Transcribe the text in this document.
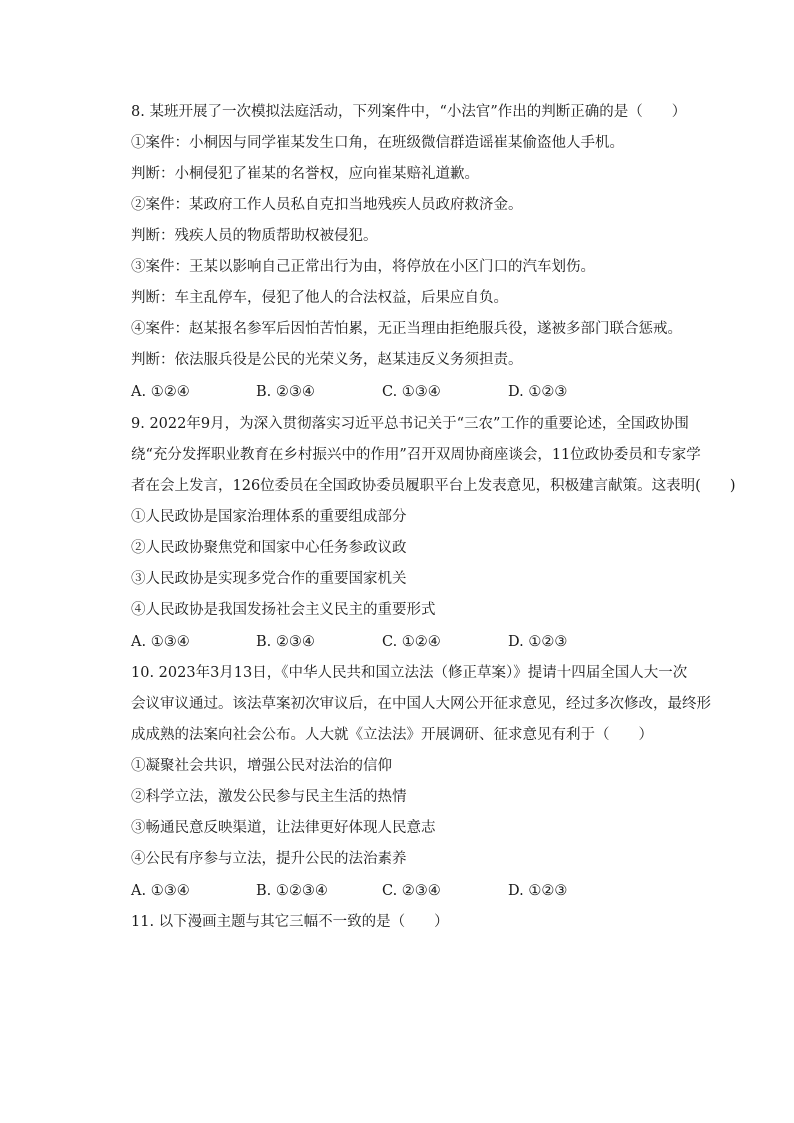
8. 某班开展了一次模拟法庭活动，下列案件中，“小法官”作出的判断正确的是（　　）
①案件：小桐因与同学崔某发生口角，在班级微信群造谣崔某偷盗他人手机。
判断：小桐侵犯了崔某的名誉权，应向崔某赔礼道歉。
②案件：某政府工作人员私自克扣当地残疾人员政府救济金。
判断：残疾人员的物质帮助权被侵犯。
③案件：王某以影响自己正常出行为由，将停放在小区门口的汽车划伤。
判断：车主乱停车，侵犯了他人的合法权益，后果应自负。
④案件：赵某报名参军后因怕苦怕累，无正当理由拒绝服兵役，遂被多部门联合惩戒。
判断：依法服兵役是公民的光荣义务，赵某违反义务须担责。
A. ①②④	B. ②③④	C. ①③④	D. ①②③
9. 2022年9月，为深入贯彻落实习近平总书记关于“三农”工作的重要论述，全国政协围
绕“充分发挥职业教育在乡村振兴中的作用”召开双周协商座谈会，11位政协委员和专家学
者在会上发言，126位委员在全国政协委员履职平台上发表意见，积极建言献策。这表明(　　)
①人民政协是国家治理体系的重要组成部分
②人民政协聚焦党和国家中心任务参政议政
③人民政协是实现多党合作的重要国家机关
④人民政协是我国发扬社会主义民主的重要形式
A. ①③④	B. ②③④	C. ①②④	D. ①②③
10. 2023年3月13日，《中华人民共和国立法法（修正草案）》提请十四届全国人大一次
会议审议通过。该法草案初次审议后，在中国人大网公开征求意见，经过多次修改，最终形
成成熟的法案向社会公布。人大就《立法法》开展调研、征求意见有利于（　　）
①凝聚社会共识，增强公民对法治的信仰
②科学立法，激发公民参与民主生活的热情
③畅通民意反映渠道，让法律更好体现人民意志
④公民有序参与立法，提升公民的法治素养
A. ①③④	B. ①②③④	C. ②③④	D. ①②③
11. 以下漫画主题与其它三幅不一致的是（　　）
